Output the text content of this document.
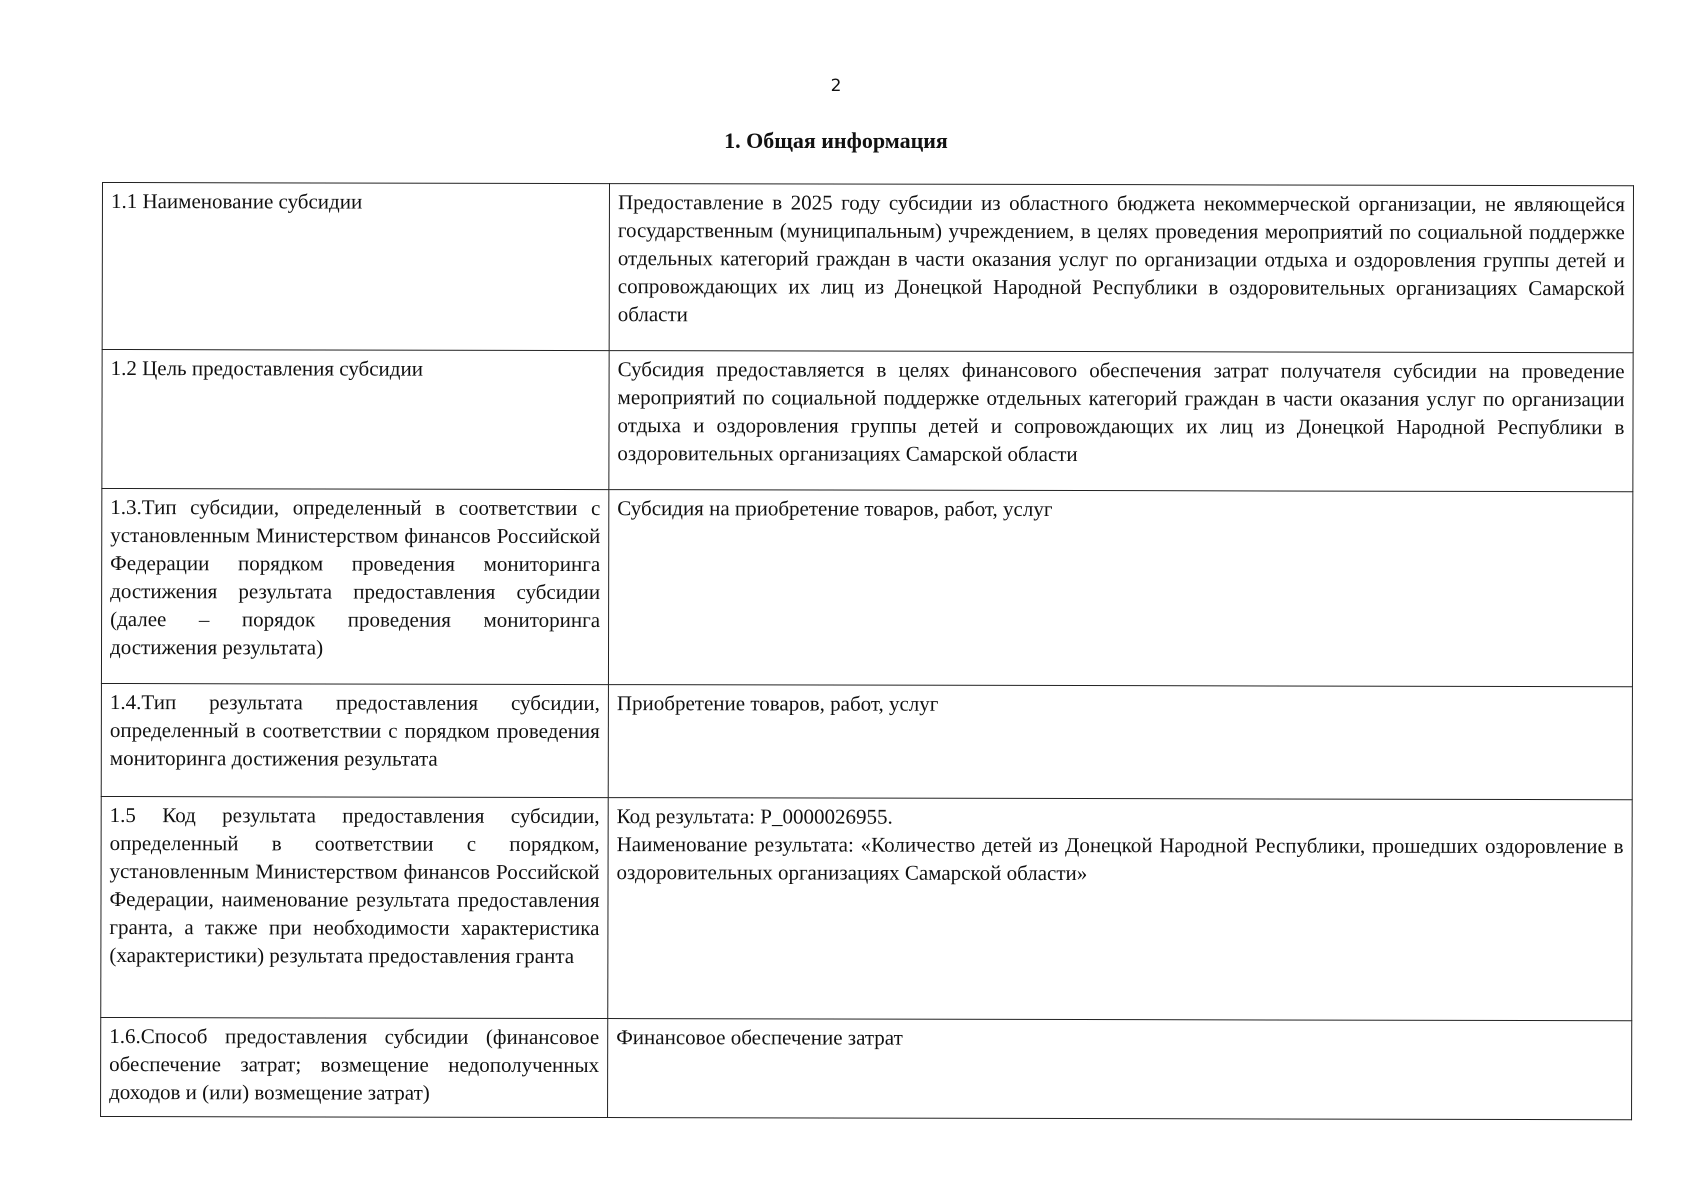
2
1. Общая информация
1.1 Наименование субсидии	Предоставление в 2025 году субсидии из областного бюджета некоммерческой организации, не являющейся государственным (муниципальным) учреждением, в целях проведения мероприятий по социальной поддержке отдельных категорий граждан в части оказания услуг по организации отдыха и оздоровления группы детей и сопровождающих их лиц из Донецкой Народной Республики в оздоровительных организациях Самарской области
1.2 Цель предоставления субсидии	Субсидия предоставляется в целях финансового обеспечения затрат получателя субсидии на проведение мероприятий по социальной поддержке отдельных категорий граждан в части оказания услуг по организации отдыха и оздоровления группы детей и сопровождающих их лиц из Донецкой Народной Республики в оздоровительных организациях Самарской области
1.3.Тип субсидии, определенный в соответствии с установленным Министерством финансов Российской Федерации порядком проведения мониторинга достижения результата предоставления субсидии (далее – порядок проведения мониторинга достижения результата)	Субсидия на приобретение товаров, работ, услуг
1.4.Тип результата предоставления субсидии, определенный в соответствии с порядком проведения мониторинга достижения результата	Приобретение товаров, работ, услуг
1.5 Код результата предоставления субсидии, определенный в соответствии с порядком, установленным Министерством финансов Российской Федерации, наименование результата предоставления гранта, а также при необходимости характеристика (характеристики) результата предоставления гранта	Код результата: P_0000026955.
Наименование результата: «Количество детей из Донецкой Народной Республики, прошедших оздоровление в оздоровительных организациях Самарской области»

1.6.Способ предоставления субсидии (финансовое обеспечение затрат; возмещение недополученных доходов и (или) возмещение затрат)	Финансовое обеспечение затрат
